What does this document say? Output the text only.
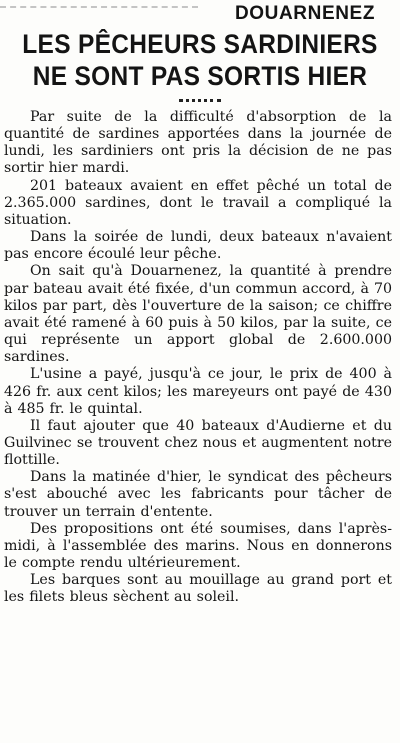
DOUARNENEZ
LES PÊCHEURS SARDINIERS
NE SONT PAS SORTIS HIER

Par suite de la difficulté d'absorption de la quantité de sardines apportées dans la journée de lundi, les sardiniers ont pris la décision de ne pas sortir hier mardi.

201 bateaux avaient en effet pêché un total de 2.365.000 sardines, dont le travail a compliqué la situation.

Dans la soirée de lundi, deux bateaux n'avaient pas encore écoulé leur pêche.

On sait qu'à Douarnenez, la quantité à prendre par bateau avait été fixée, d'un commun accord, à 70 kilos par part, dès l'ouverture de la saison; ce chiffre avait été ramené à 60 puis à 50 kilos, par la suite, ce qui représente un apport global de 2.600.000 sardines.

L'usine a payé, jusqu'à ce jour, le prix de 400 à 426 fr. aux cent kilos; les mareyeurs ont payé de 430 à 485 fr. le quintal.

Il faut ajouter que 40 bateaux d'Audierne et du Guilvinec se trouvent chez nous et augmentent notre flottille.

Dans la matinée d'hier, le syndicat des pêcheurs s'est abouché avec les fabricants pour tâcher de trouver un terrain d'entente.

Des propositions ont été soumises, dans l'après-midi, à l'assemblée des marins. Nous en donnerons le compte rendu ultérieurement.

Les barques sont au mouillage au grand port et les filets bleus sèchent au soleil.
